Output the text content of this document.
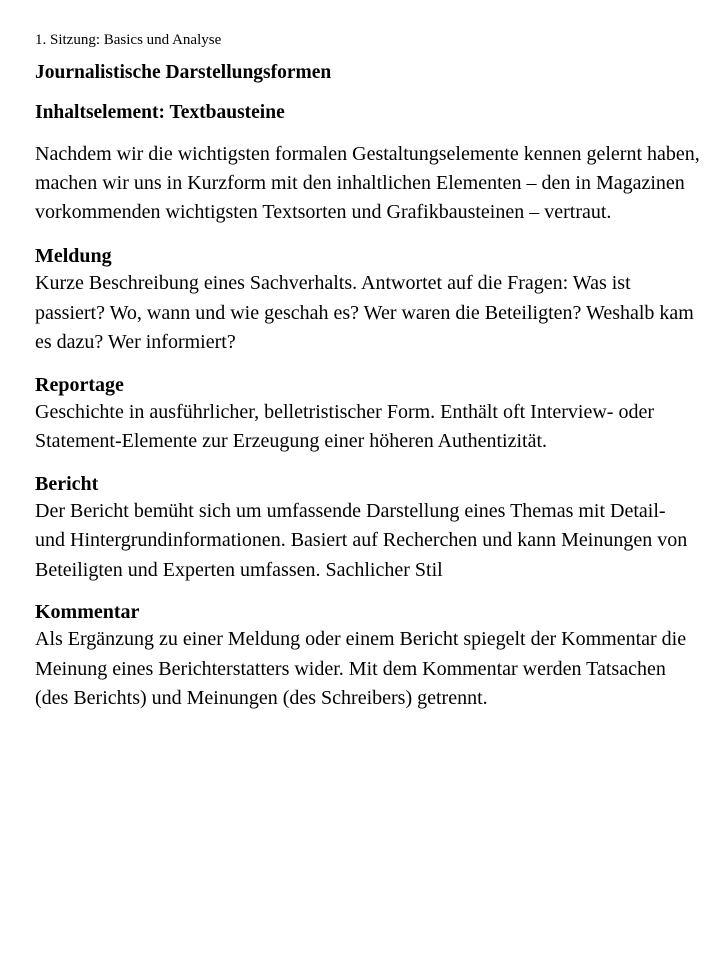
1. Sitzung: Basics und Analyse
Journalistische Darstellungsformen
Inhaltselement: Textbausteine
Nachdem wir die wichtigsten formalen Gestaltungselemente kennen gelernt haben, machen wir uns in Kurzform mit den inhaltlichen Elementen – den in Magazinen vorkommenden wichtigsten Textsorten und Grafikbausteinen – vertraut.
Meldung
Kurze Beschreibung eines Sachverhalts. Antwortet auf die Fragen: Was ist passiert? Wo, wann und wie geschah es? Wer waren die Beteiligten? Weshalb kam es dazu? Wer informiert?
Reportage
Geschichte in ausführlicher, belletristischer Form. Enthält oft Interview- oder Statement-Elemente zur Erzeugung einer höheren Authentizität.
Bericht
Der Bericht bemüht sich um umfassende Darstellung eines Themas mit Detail- und Hintergrundinformationen. Basiert auf Recherchen und kann Meinungen von Beteiligten und Experten umfassen. Sachlicher Stil
Kommentar
Als Ergänzung zu einer Meldung oder einem Bericht spiegelt der Kommentar die Meinung eines Berichterstatters wider. Mit dem Kommentar werden Tatsachen (des Berichts) und Meinungen (des Schreibers) getrennt.
